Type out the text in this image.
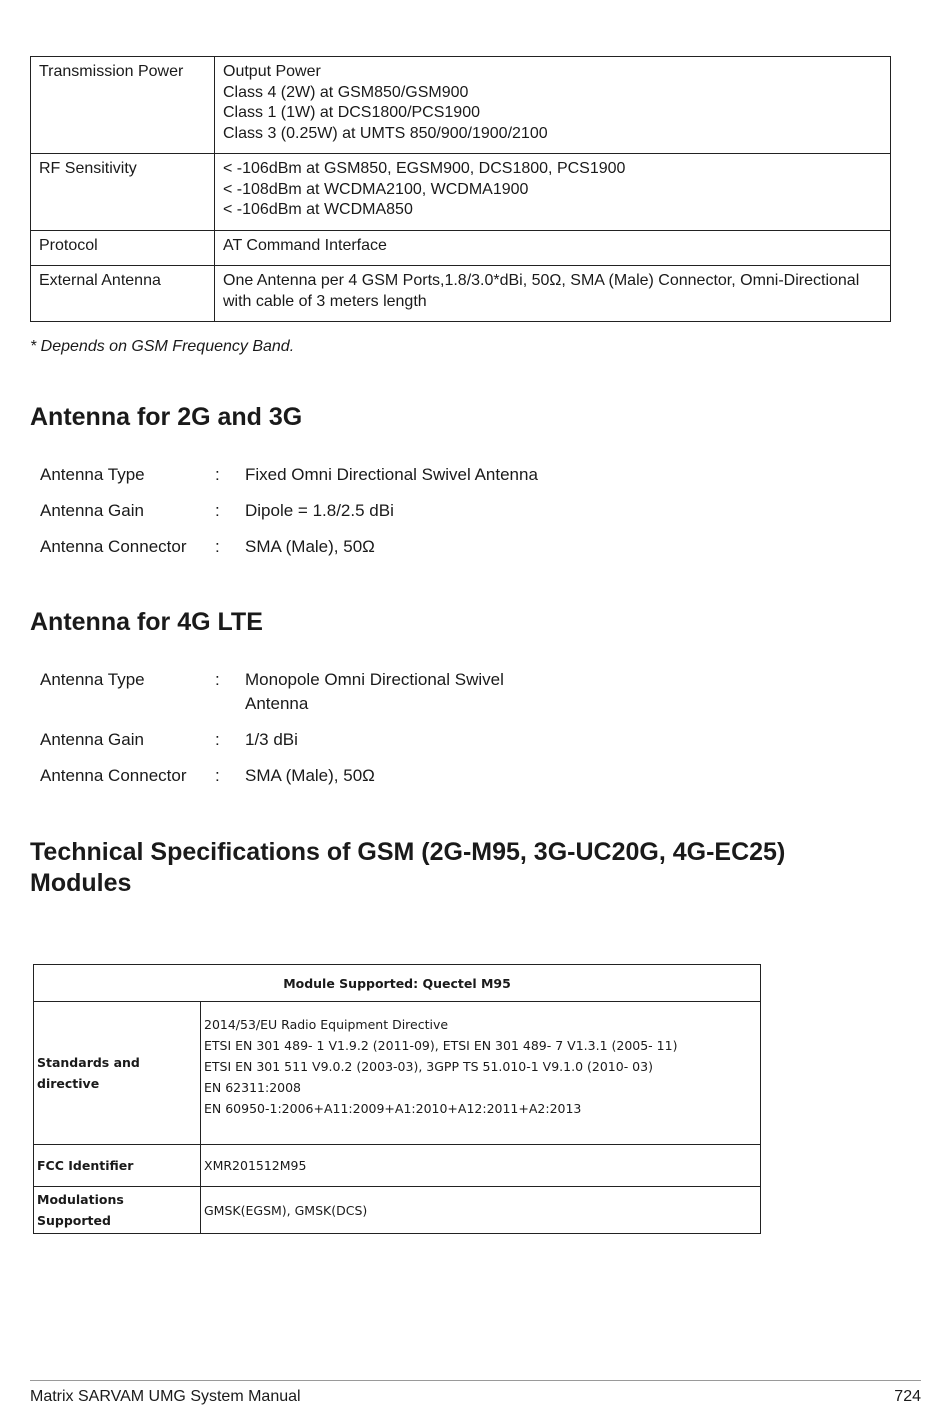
Transmission Power	Output Power
Class 4 (2W) at GSM850/GSM900
Class 1 (1W) at DCS1800/PCS1900
Class 3 (0.25W) at UMTS 850/900/1900/2100

RF Sensitivity	< -106dBm at GSM850, EGSM900, DCS1800, PCS1900
< -108dBm at WCDMA2100, WCDMA1900
< -106dBm at WCDMA850

Protocol	AT Command Interface

External Antenna	One Antenna per 4 GSM Ports,1.8/3.0*dBi, 50Ω, SMA (Male) Connector, Omni-Directional with cable of 3 meters length
* Depends on GSM Frequency Band.
Antenna for 2G and 3G
Antenna Type	: Fixed Omni Directional Swivel Antenna
Antenna Gain	: Dipole = 1.8/2.5 dBi
Antenna Connector : SMA (Male), 50Ω
Antenna for 4G LTE
Antenna Type	: Monopole Omni Directional Swivel Antenna
Antenna Gain	: 1/3 dBi
Antenna Connector : SMA (Male), 50Ω
Technical Specifications of GSM (2G-M95, 3G-UC20G, 4G-EC25)
Modules
Module Supported: Quectel M95	
Standards and directive	2014/53/EU Radio Equipment Directive
ETSI EN 301 489- 1 V1.9.2 (2011-09), ETSI EN 301 489- 7 V1.3.1 (2005- 11)
ETSI EN 301 511 V9.0.2 (2003-03), 3GPP TS 51.010-1 V9.1.0 (2010- 03)
EN 62311:2008
EN 60950-1:2006+A11:2009+A1:2010+A12:2011+A2:2013

FCC Identifier	XMR201512M95
Modulations Supported	GMSK(EGSM), GMSK(DCS)
Matrix SARVAM UMG System Manual	724
